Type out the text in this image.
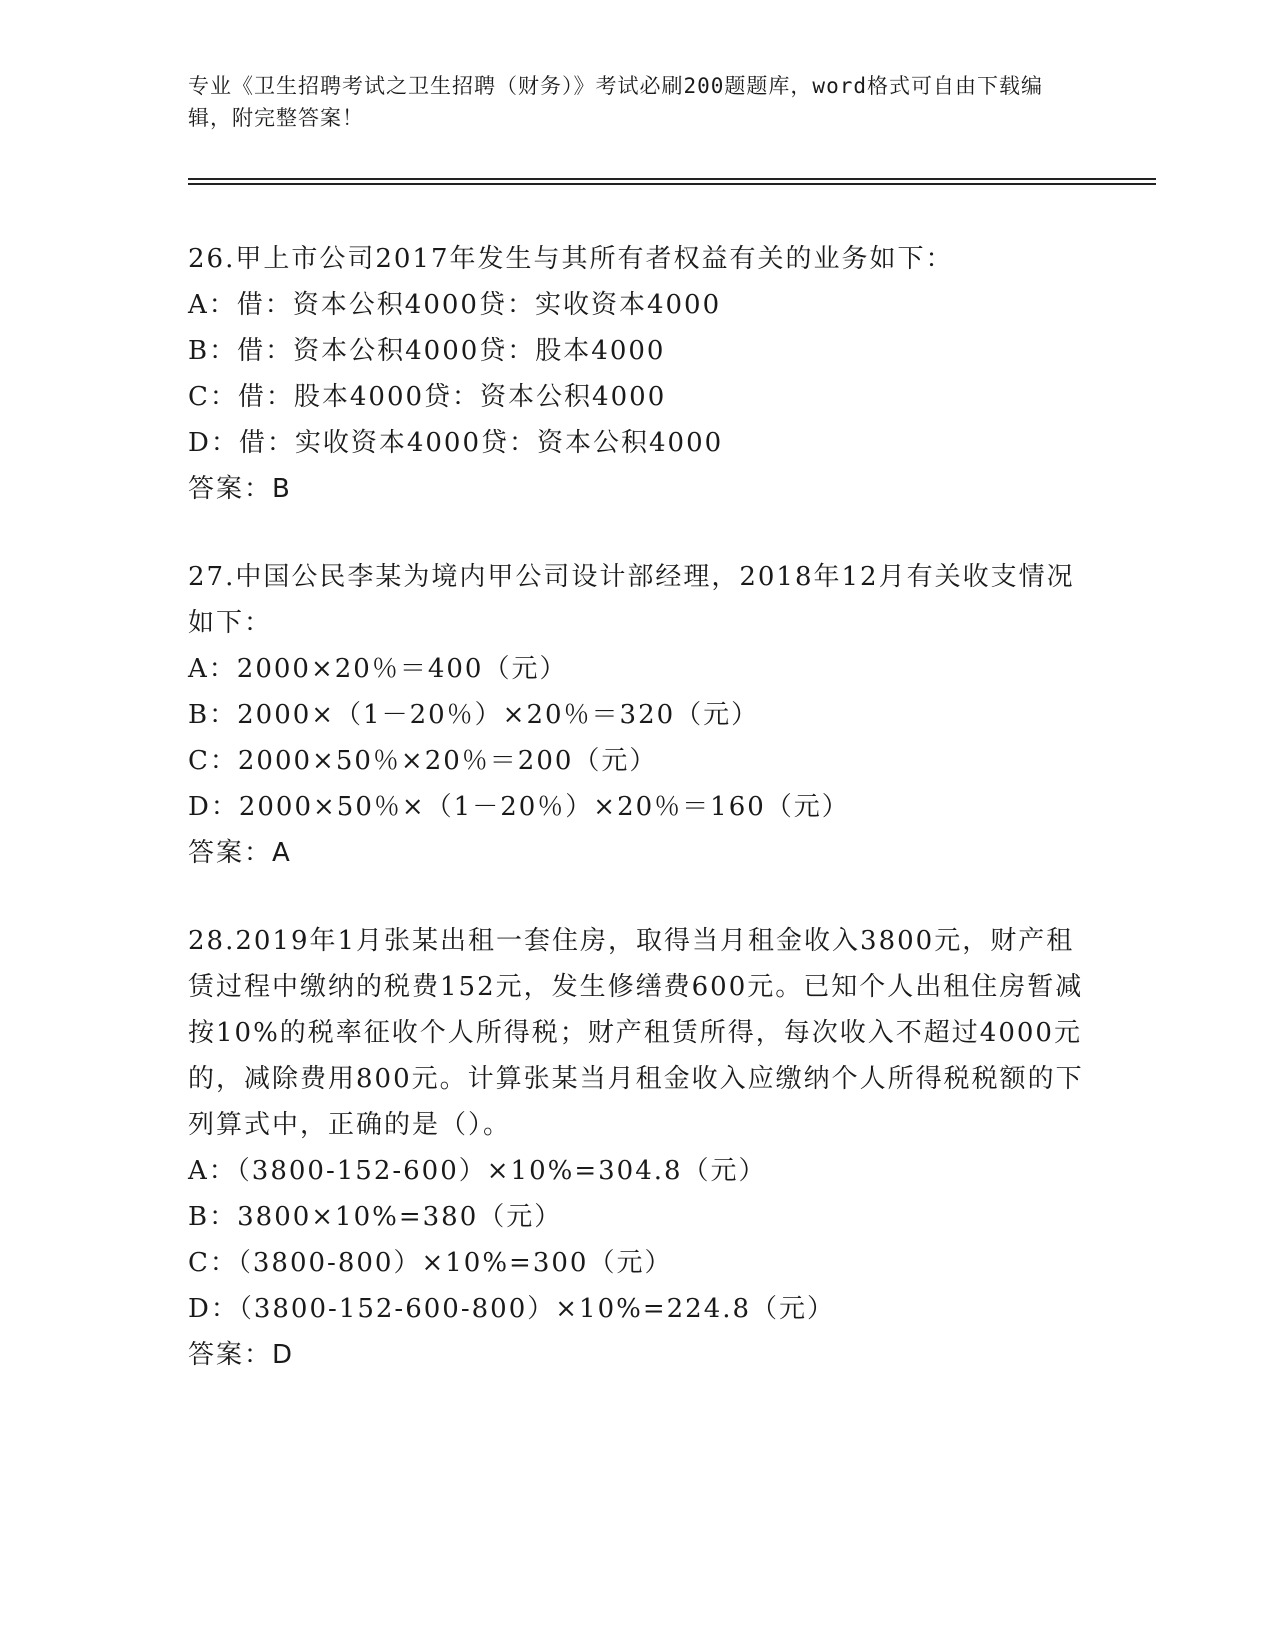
专业《卫生招聘考试之卫生招聘（财务）》考试必刷200题题库，word格式可自由下载编辑，附完整答案！

26.甲上市公司2017年发生与其所有者权益有关的业务如下：

A：借：资本公积4000贷：实收资本4000

B：借：资本公积4000贷：股本4000

C：借：股本4000贷：资本公积4000

D：借：实收资本4000贷：资本公积4000

答案：B

27.中国公民李某为境内甲公司设计部经理，2018年12月有关收支情况如下：

A：2000×20％＝400（元）

B：2000×（1－20％）×20％＝320（元）

C：2000×50％×20％＝200（元）

D：2000×50％×（1－20％）×20％＝160（元）

答案：A

28.2019年1月张某出租一套住房，取得当月租金收入3800元，财产租赁过程中缴纳的税费152元，发生修缮费600元。已知个人出租住房暂减按10%的税率征收个人所得税；财产租赁所得，每次收入不超过4000元的，减除费用800元。计算张某当月租金收入应缴纳个人所得税税额的下列算式中，正确的是（）。

A：（3800-152-600）×10%=304.8（元）

B：3800×10%=380（元）

C：（3800-800）×10%=300（元）

D：（3800-152-600-800）×10%=224.8（元）

答案：D
